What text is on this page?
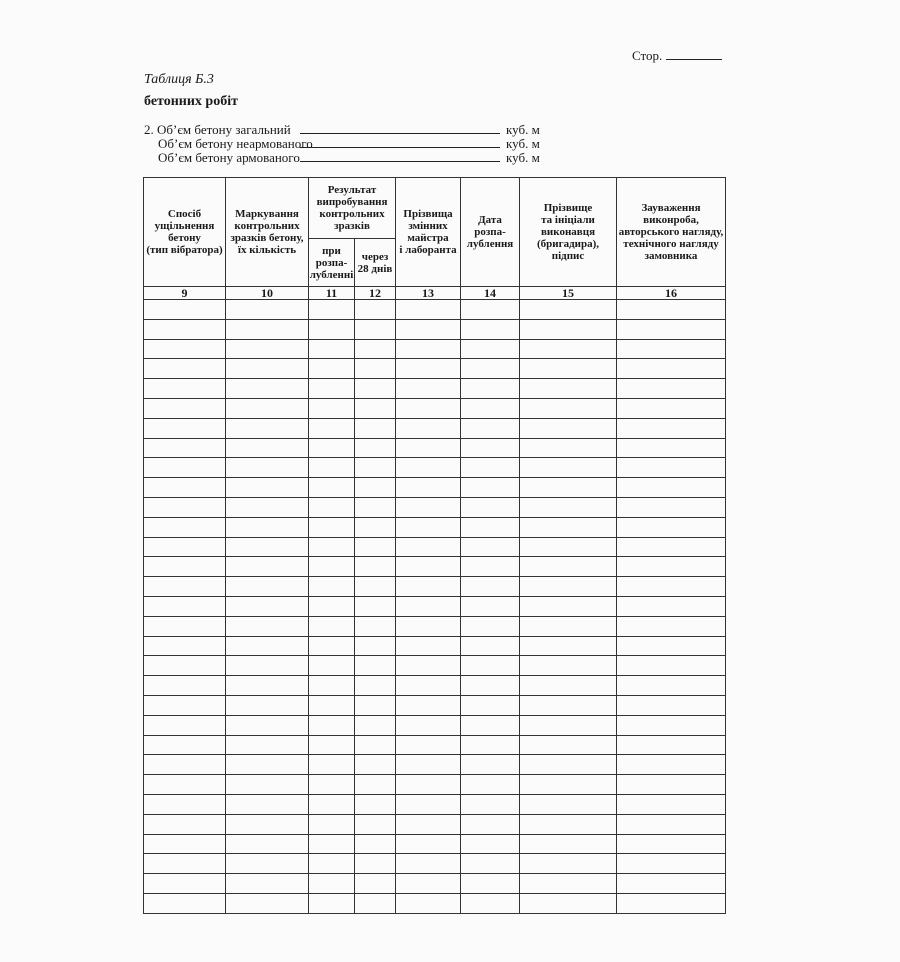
Стор.
Таблиця Б.3
бетонних робіт
2. Об’єм бетону загальний	куб. м
Об’єм бетону неармованого	куб. м
Об’єм бетону армованого	куб. м
Спосіб
ущільнення
бетону
(тип вібратора)	Маркування
контрольних
зразків бетону,
їх кількість	Результат
випробування
контрольних
зразків		Прізвища
змінних
майстра
і лаборанта	Дата
розпа-
лублення	Прізвище
та ініціали
виконавця
(бригадира),
підпис	Зауваження
виконроба,
авторського нагляду,
технічного нагляду
замовника

		при
розпа-
лубленні	через
28 днів				

9	10	11	12	13	14	15	16
